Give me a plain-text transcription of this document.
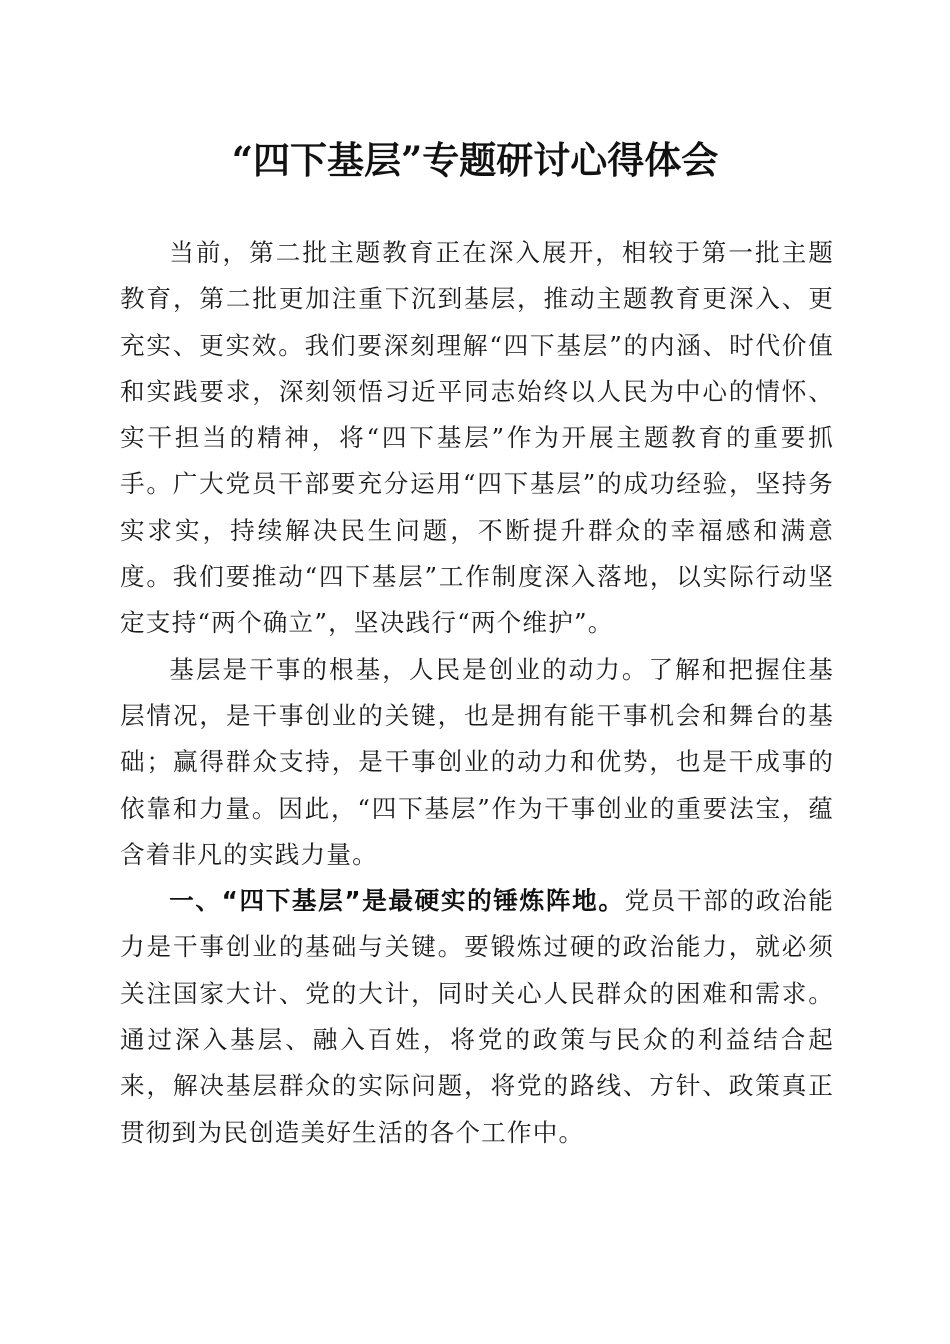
“四下基层”专题研讨心得体会

当前，第二批主题教育正在深入展开，相较于第一批主题教育，第二批更加注重下沉到基层，推动主题教育更深入、更充实、更实效。我们要深刻理解“四下基层”的内涵、时代价值和实践要求，深刻领悟习近平同志始终以人民为中心的情怀、实干担当的精神，将“四下基层”作为开展主题教育的重要抓手。广大党员干部要充分运用“四下基层”的成功经验，坚持务实求实，持续解决民生问题，不断提升群众的幸福感和满意度。我们要推动“四下基层”工作制度深入落地，以实际行动坚定支持“两个确立”，坚决践行“两个维护”。

基层是干事的根基，人民是创业的动力。了解和把握住基层情况，是干事创业的关键，也是拥有能干事机会和舞台的基础；赢得群众支持，是干事创业的动力和优势，也是干成事的依靠和力量。因此，“四下基层”作为干事创业的重要法宝，蕴含着非凡的实践力量。

一、“四下基层”是最硬实的锤炼阵地。党员干部的政治能力是干事创业的基础与关键。要锻炼过硬的政治能力，就必须关注国家大计、党的大计，同时关心人民群众的困难和需求。通过深入基层、融入百姓，将党的政策与民众的利益结合起来，解决基层群众的实际问题，将党的路线、方针、政策真正贯彻到为民创造美好生活的各个工作中。
